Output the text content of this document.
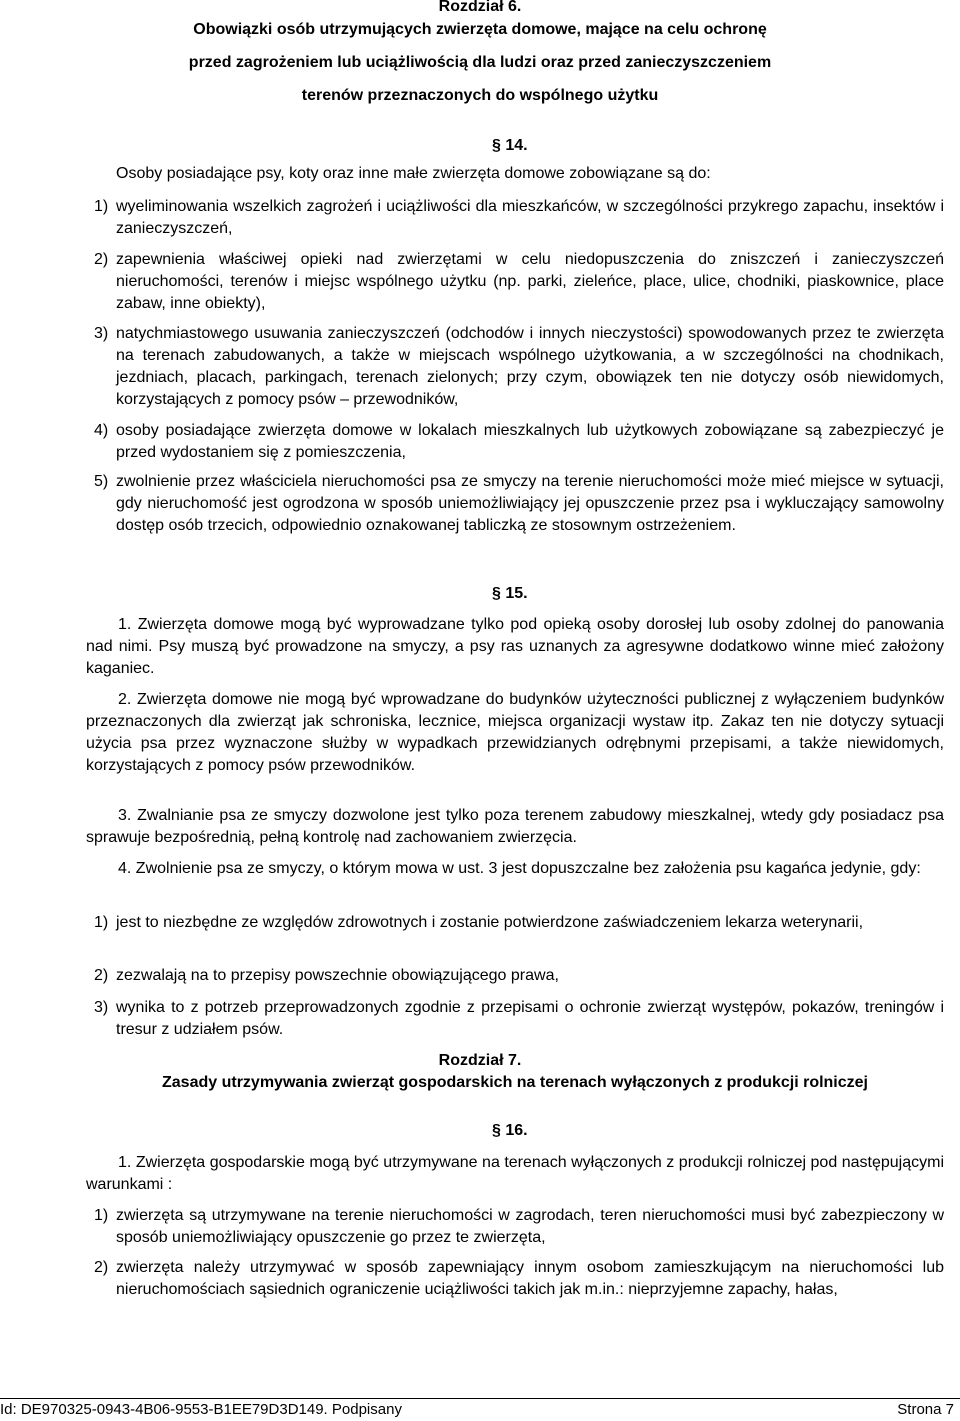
Rozdział 6.
Obowiązki osób utrzymujących zwierzęta domowe, mające na celu ochronę
przed zagrożeniem lub uciążliwością dla ludzi oraz przed zanieczyszczeniem
terenów przeznaczonych do wspólnego użytku
§ 14.
Osoby posiadające psy, koty oraz inne małe zwierzęta domowe zobowiązane są do:
1) wyeliminowania wszelkich zagrożeń i uciążliwości dla mieszkańców, w szczególności przykrego zapachu, insektów i zanieczyszczeń,
2) zapewnienia właściwej opieki nad zwierzętami w celu niedopuszczenia do zniszczeń i zanieczyszczeń nieruchomości, terenów i miejsc wspólnego użytku (np. parki, zieleńce, place, ulice, chodniki, piaskownice, place zabaw, inne obiekty),
3) natychmiastowego usuwania zanieczyszczeń (odchodów i innych nieczystości) spowodowanych przez te zwierzęta na terenach zabudowanych, a także w miejscach wspólnego użytkowania, a w szczególności na chodnikach, jezdniach, placach, parkingach, terenach zielonych; przy czym, obowiązek ten nie dotyczy osób niewidomych, korzystających z pomocy psów – przewodników,
4) osoby posiadające zwierzęta domowe w lokalach mieszkalnych lub użytkowych zobowiązane są zabezpieczyć je przed wydostaniem się z pomieszczenia,
5) zwolnienie przez właściciela nieruchomości psa ze smyczy na terenie nieruchomości może mieć miejsce w sytuacji, gdy nieruchomość jest ogrodzona w sposób uniemożliwiający jej opuszczenie przez psa i wykluczający samowolny dostęp osób trzecich, odpowiednio oznakowanej tabliczką ze stosownym ostrzeżeniem.
§ 15.
1. Zwierzęta domowe mogą być wyprowadzane tylko pod opieką osoby dorosłej lub osoby zdolnej do panowania nad nimi. Psy muszą być prowadzone na smyczy, a psy ras uznanych za agresywne dodatkowo winne mieć założony kaganiec.
2. Zwierzęta domowe nie mogą być wprowadzane do budynków użyteczności publicznej z wyłączeniem budynków przeznaczonych dla zwierząt jak schroniska, lecznice, miejsca organizacji wystaw itp. Zakaz ten nie dotyczy sytuacji użycia psa przez wyznaczone służby w wypadkach przewidzianych odrębnymi przepisami, a także niewidomych, korzystających z pomocy psów przewodników.
3. Zwalnianie psa ze smyczy dozwolone jest tylko poza terenem zabudowy mieszkalnej, wtedy gdy posiadacz psa sprawuje bezpośrednią, pełną kontrolę nad zachowaniem zwierzęcia.
4. Zwolnienie psa ze smyczy, o którym mowa w ust. 3 jest dopuszczalne bez założenia psu kagańca jedynie, gdy:
1) jest to niezbędne ze względów zdrowotnych i zostanie potwierdzone zaświadczeniem lekarza weterynarii,
2) zezwalają na to przepisy powszechnie obowiązującego prawa,
3) wynika to z potrzeb przeprowadzonych zgodnie z przepisami o ochronie zwierząt występów, pokazów, treningów i tresur z udziałem psów.
Rozdział 7.
Zasady utrzymywania zwierząt gospodarskich na terenach wyłączonych z produkcji rolniczej
§ 16.
1. Zwierzęta gospodarskie mogą być utrzymywane na terenach wyłączonych z produkcji rolniczej pod następującymi warunkami :
1) zwierzęta są utrzymywane na terenie nieruchomości w zagrodach, teren nieruchomości musi być zabezpieczony w sposób uniemożliwiający opuszczenie go przez te zwierzęta,
2) zwierzęta należy utrzymywać w sposób zapewniający innym osobom zamieszkującym na nieruchomości lub nieruchomościach sąsiednich ograniczenie uciążliwości takich jak m.in.: nieprzyjemne zapachy, hałas,
Id: DE970325-0943-4B06-9553-B1EE79D3D149. Podpisany	Strona 7
